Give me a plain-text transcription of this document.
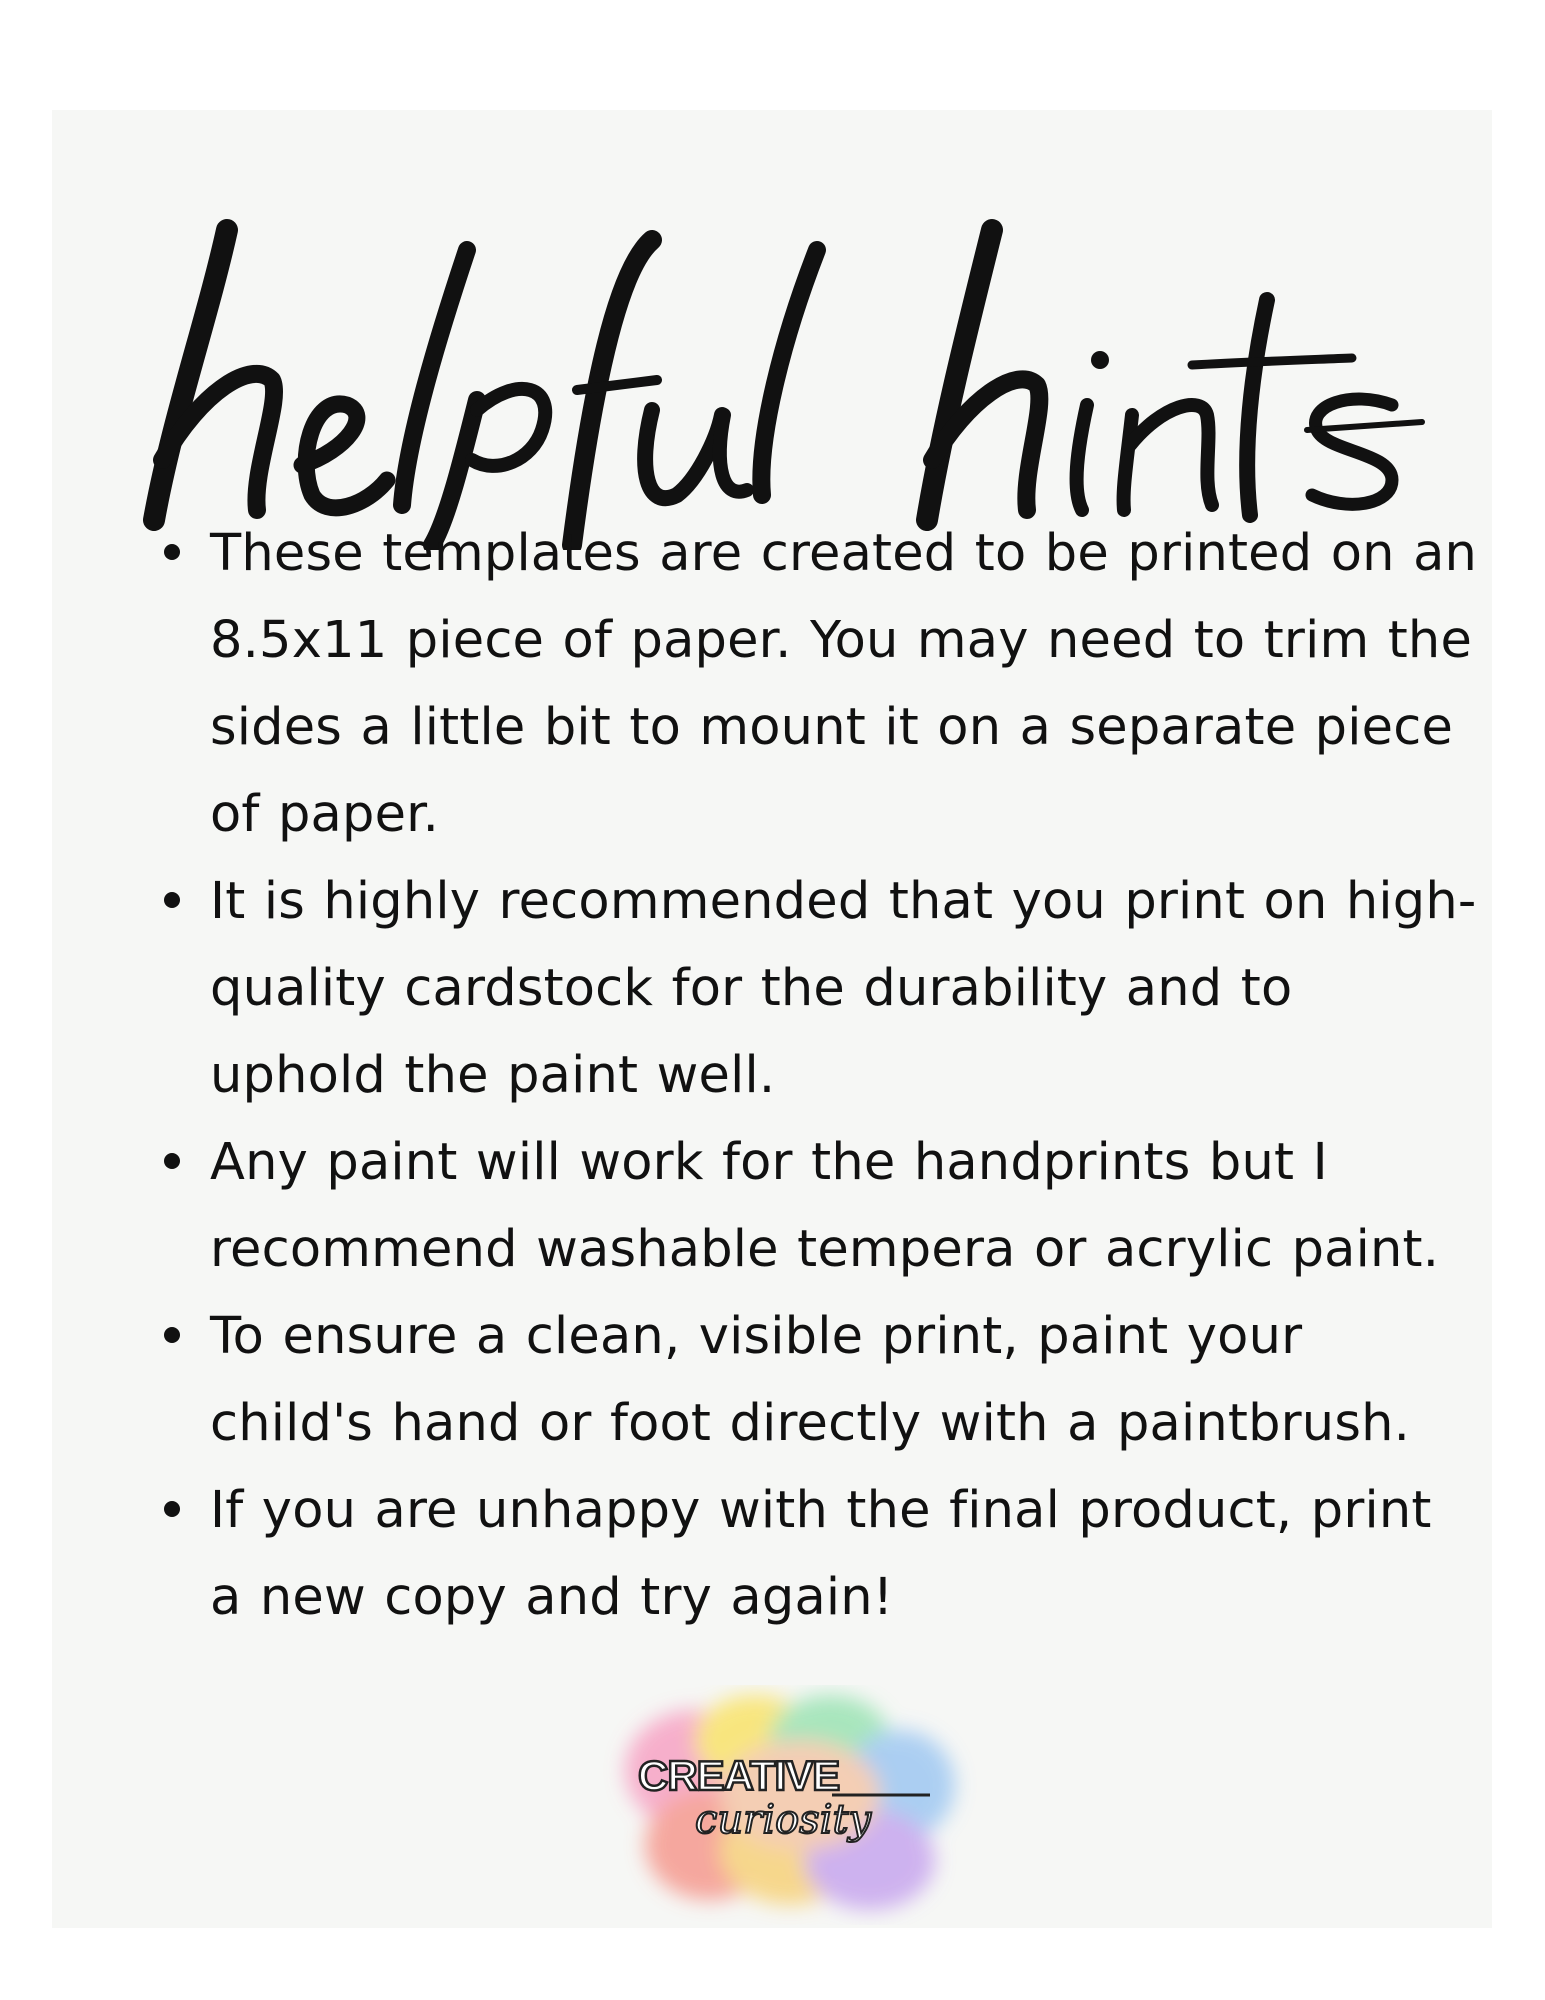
These templates are created to be printed on an 8.5x11 piece of paper. You may need to trim the sides a little bit to mount it on a separate piece of paper.
It is highly recommended that you print on high-quality cardstock for the durability and to uphold the paint well.
Any paint will work for the handprints but I recommend washable tempera or acrylic paint.
To ensure a clean, visible print, paint your child's hand or foot directly with a paintbrush.
If you are unhappy with the final product, print a new copy and try again!
CREATIVE
curiosity
